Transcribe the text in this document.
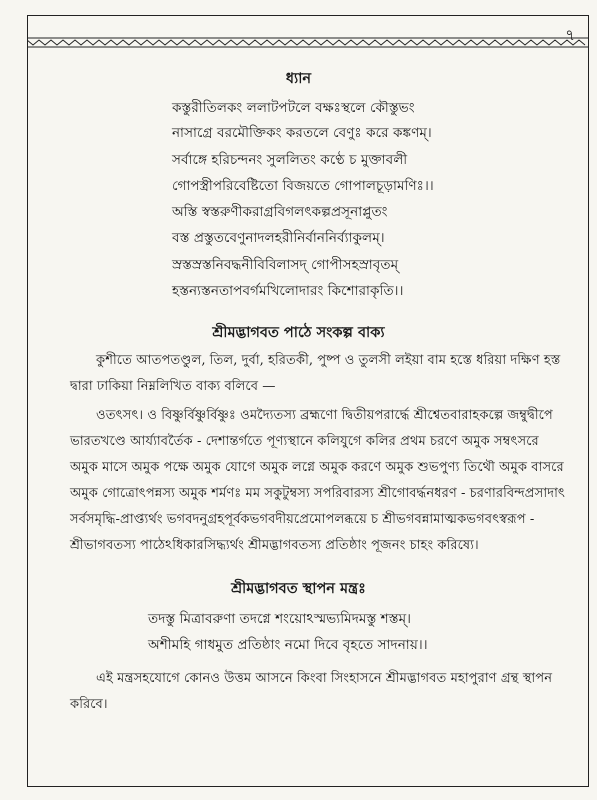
৭
ধ্যান
কস্তুরীতিলকং ললাটপটলে বক্ষঃস্থলে কৌস্তুভং
নাসাগ্রে বরমৌক্তিকং করতলে বেণুঃ করে কঙ্কণম্।
সর্বাঙ্গে হরিচন্দনং সুললিতং কণ্ঠে চ মুক্তাবলী
গোপস্ত্রীপরিবেষ্টিতো বিজয়তে গোপালচূড়ামণিঃ।।
অস্তি স্বস্তরুণীকরাগ্রবিগলৎকল্পপ্রসূনাপ্লুতং
বস্ত প্রস্তুতবেণুনাদলহরীনির্বাননির্ব্যাকুলম্।
স্রস্তস্রস্তনিবদ্ধনীবিবিলাসদ্ গোপীসহস্রাবৃতম্
হস্তন্যস্তনতাপবর্গমখিলোদারং কিশোরাকৃতি।।
শ্রীমদ্ভাগবত পাঠে সংকল্প বাক্য
কুশীতে আতপতণ্ডুল, তিল, দুর্বা, হরিতকী, পুষ্প ও তুলসী লইয়া বাম হস্তে ধরিয়া দক্ষিণ হস্ত
দ্বারা ঢাকিয়া নিম্নলিখিত বাক্য বলিবে —
ওতৎসৎ। ও বিষ্ণুর্বিষ্ণুর্বিষ্ণুঃ ওমদ্যৈতস্য ব্রহ্মণো দ্বিতীয়পরার্দ্ধে শ্রীশ্বেতবারাহকল্পে জম্বুদ্বীপে
ভারতখণ্ডে আর্য্যাবর্তৈক - দেশান্তর্গতে পূণ্যস্থানে কলিযুগে কলির প্রথম চরণে অমুক সম্বৎসরে
অমুক মাসে অমুক পক্ষে অমুক যোগে অমুক লগ্নে অমুক করণে অমুক শুভপুণ্য তিথৌ অমুক বাসরে
অমুক গোত্রোৎপন্নস্য অমুক শর্মণঃ মম সকুটুম্বস্য সপরিবারস্য শ্রীগোবর্দ্ধনধরণ - চরণারবিন্দপ্রসাদাৎ
সর্বসমৃদ্ধি-প্রাপ্ত্যর্থং ভগবদনুগ্রহপূর্বকভগবদীয়প্রেমোপলব্ধয়ে চ শ্রীভগবন্নামাত্মকভগবৎস্বরূপ -
শ্রীভাগবতস্য পাঠেঽধিকারসিদ্ধ্যর্থং শ্রীমদ্ভাগবতস্য প্রতিষ্ঠাং পূজনং চাহং করিষ্যে।
শ্রীমদ্ভাগবত স্থাপন মন্ত্রঃ
তদস্তু মিত্রাবরুণা তদগ্নে শংয়োঽস্মভ্যমিদমস্তু শস্তম্।
অশীমহি গাধমুত প্রতিষ্ঠাং নমো দিবে বৃহতে সাদনায়।।
এই মন্ত্রসহযোগে কোনও উত্তম আসনে কিংবা সিংহাসনে শ্রীমদ্ভাগবত মহাপুরাণ গ্রন্থ স্থাপন
করিবে।
